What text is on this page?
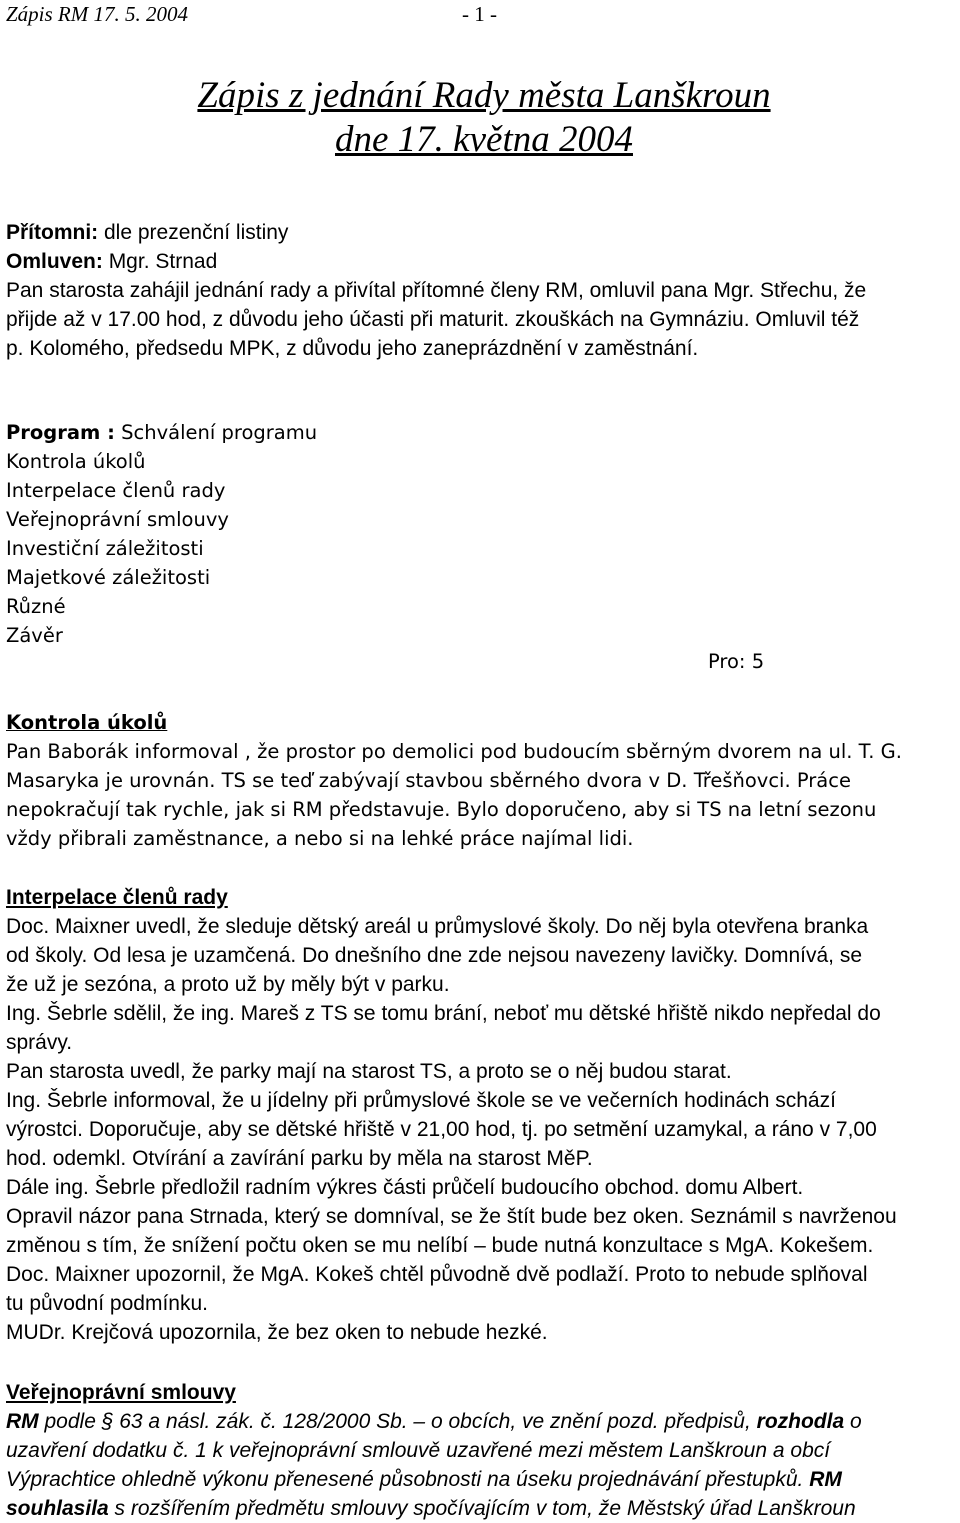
Zápis RM 17. 5. 2004	- 1 -
Zápis z jednání Rady města Lanškroun
dne 17. května 2004
Přítomni: dle prezenční listiny
Omluven: Mgr. Strnad
Pan starosta zahájil jednání rady a přivítal přítomné členy RM, omluvil pana Mgr. Střechu, že
přijde až v 17.00 hod, z důvodu jeho účasti při maturit. zkouškách na Gymnáziu. Omluvil též
p. Kolomého, předsedu MPK, z důvodu jeho zaneprázdnění v zaměstnání.
Program : Schválení programu
Kontrola úkolů
Interpelace členů rady
Veřejnoprávní smlouvy
Investiční záležitosti
Majetkové záležitosti
Různé
Závěr
Pro: 5
Kontrola úkolů
Pan Baborák informoval , že prostor po demolici pod budoucím sběrným dvorem na ul. T. G.
Masaryka je urovnán. TS se teď zabývají stavbou sběrného dvora v D. Třešňovci. Práce
nepokračují tak rychle, jak si RM představuje. Bylo doporučeno, aby si TS na letní sezonu
vždy přibrali zaměstnance, a nebo si na lehké práce najímal lidi.
Interpelace členů rady
Doc. Maixner uvedl, že sleduje dětský areál u průmyslové školy. Do něj byla otevřena branka
od školy. Od lesa je uzamčená. Do dnešního dne zde nejsou navezeny lavičky. Domnívá, se
že už je sezóna, a proto už by měly být v parku.
Ing. Šebrle sdělil, že ing. Mareš z TS se tomu brání, neboť mu dětské hřiště nikdo nepředal do
správy.
Pan starosta uvedl, že parky mají na starost TS, a proto se o něj budou starat.
Ing. Šebrle informoval, že u jídelny při průmyslové škole se ve večerních hodinách schází
výrostci. Doporučuje, aby se dětské hřiště v 21,00 hod, tj. po setmění uzamykal, a ráno v 7,00
hod. odemkl. Otvírání a zavírání parku by měla na starost MěP.
Dále ing. Šebrle předložil radním výkres části průčelí budoucího obchod. domu Albert.
Opravil názor pana Strnada, který se domníval, se že štít bude bez oken. Seznámil s navrženou
změnou s tím, že snížení počtu oken se mu nelíbí – bude nutná konzultace s MgA. Kokešem.
Doc. Maixner upozornil, že MgA. Kokeš chtěl původně dvě podlaží. Proto to nebude splňoval
tu původní podmínku.
MUDr. Krejčová upozornila, že bez oken to nebude hezké.
Veřejnoprávní smlouvy
RM podle § 63 a násl. zák. č. 128/2000 Sb. – o obcích, ve znění pozd. předpisů, rozhodla o
uzavření dodatku č. 1 k veřejnoprávní smlouvě uzavřené mezi městem Lanškroun a obcí
Výprachtice ohledně výkonu přenesené působnosti na úseku projednávání přestupků. RM
souhlasila s rozšířením předmětu smlouvy spočívajícím v tom, že Městský úřad Lanškroun
